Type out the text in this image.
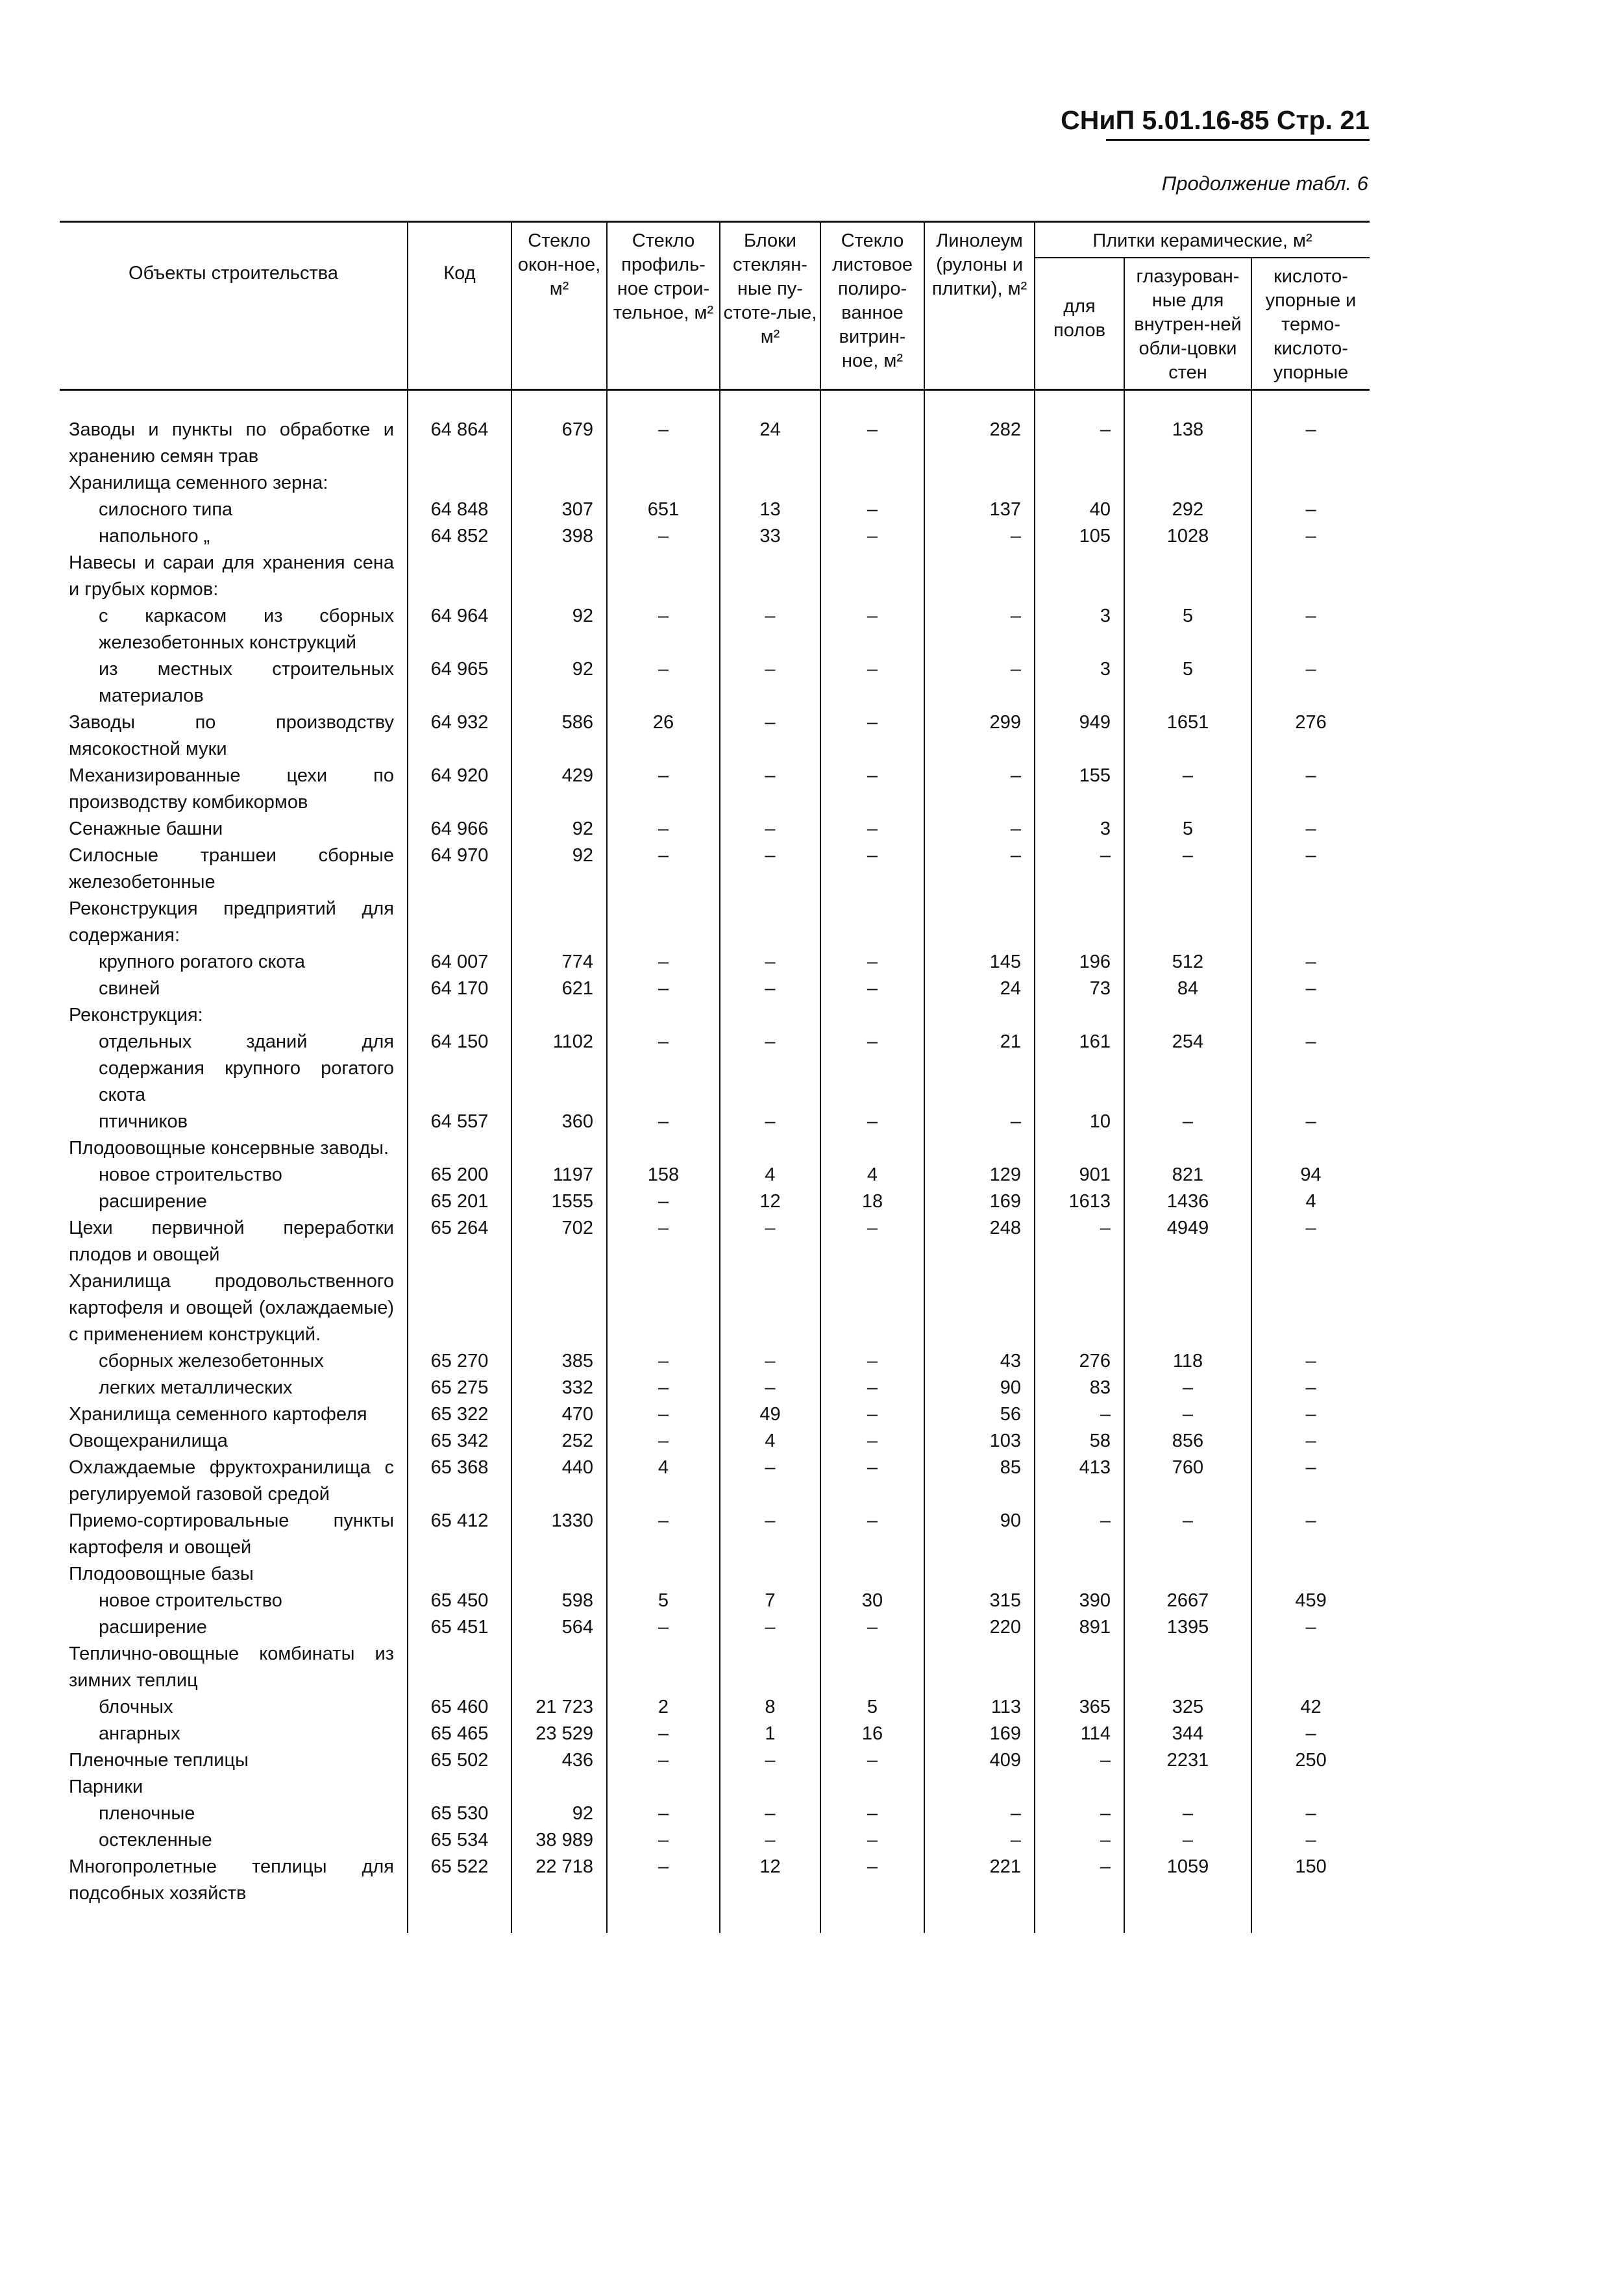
СНиП 5.01.16-85 Стр. 21
Продолжение табл. 6
Объекты строительства	Код	Стекло окон-ное, м²	Стекло профиль-ное строи-тельное, м²	Блоки стеклян-ные пу-стоте-лые, м²	Стекло листовое полиро-ванное витрин-ное, м²	Линолеум (рулоны и плитки), м²	Плитки керамические, м²		
							для полов	глазурован-ные для внутрен-ней обли-цовки стен	кислото-упорные и термо-кислото-упорные

Заводы и пункты по обработке и хранению семян трав	64 864	679	–	24	–	282	–	138	–
Хранилища семенного зерна:									
силосного типа	64 848	307	651	13	–	137	40	292	–
напольного „	64 852	398	–	33	–	–	105	1028	–
Навесы и сараи для хранения сена и грубых кормов:									
с каркасом из сборных железобетонных конструкций	64 964	92	–	–	–	–	3	5	–
из местных строительных материалов	64 965	92	–	–	–	–	3	5	–
Заводы по производству мясокостной муки	64 932	586	26	–	–	299	949	1651	276
Механизированные цехи по производству комбикормов	64 920	429	–	–	–	–	155	–	–
Сенажные башни	64 966	92	–	–	–	–	3	5	–
Силосные траншеи сборные железобетонные	64 970	92	–	–	–	–	–	–	–
Реконструкция предприятий для содержания:									
крупного рогатого скота	64 007	774	–	–	–	145	196	512	–
свиней	64 170	621	–	–	–	24	73	84	–
Реконструкция:									
отдельных зданий для содержания крупного рогатого скота	64 150	1102	–	–	–	21	161	254	–
птичников	64 557	360	–	–	–	–	10	–	–
Плодоовощные консервные заводы.									
новое строительство	65 200	1197	158	4	4	129	901	821	94
расширение	65 201	1555	–	12	18	169	1613	1436	4
Цехи первичной переработки плодов и овощей	65 264	702	–	–	–	248	–	4949	–
Хранилища продовольственного картофеля и овощей (охлаждаемые) с применением конструкций.									
сборных железобетонных	65 270	385	–	–	–	43	276	118	–
легких металлических	65 275	332	–	–	–	90	83	–	–
Хранилища семенного картофеля	65 322	470	–	49	–	56	–	–	–
Овощехранилища	65 342	252	–	4	–	103	58	856	–
Охлаждаемые фруктохранилища с регулируемой газовой средой	65 368	440	4	–	–	85	413	760	–
Приемо-сортировальные пункты картофеля и овощей	65 412	1330	–	–	–	90	–	–	–
Плодоовощные базы									
новое строительство	65 450	598	5	7	30	315	390	2667	459
расширение	65 451	564	–	–	–	220	891	1395	–
Теплично-овощные комбинаты из зимних теплиц									
блочных	65 460	21 723	2	8	5	113	365	325	42
ангарных	65 465	23 529	–	1	16	169	114	344	–
Пленочные теплицы	65 502	436	–	–	–	409	–	2231	250
Парники									
пленочные	65 530	92	–	–	–	–	–	–	–
остекленные	65 534	38 989	–	–	–	–	–	–	–
Многопролетные теплицы для подсобных хозяйств	65 522	22 718	–	12	–	221	–	1059	150
